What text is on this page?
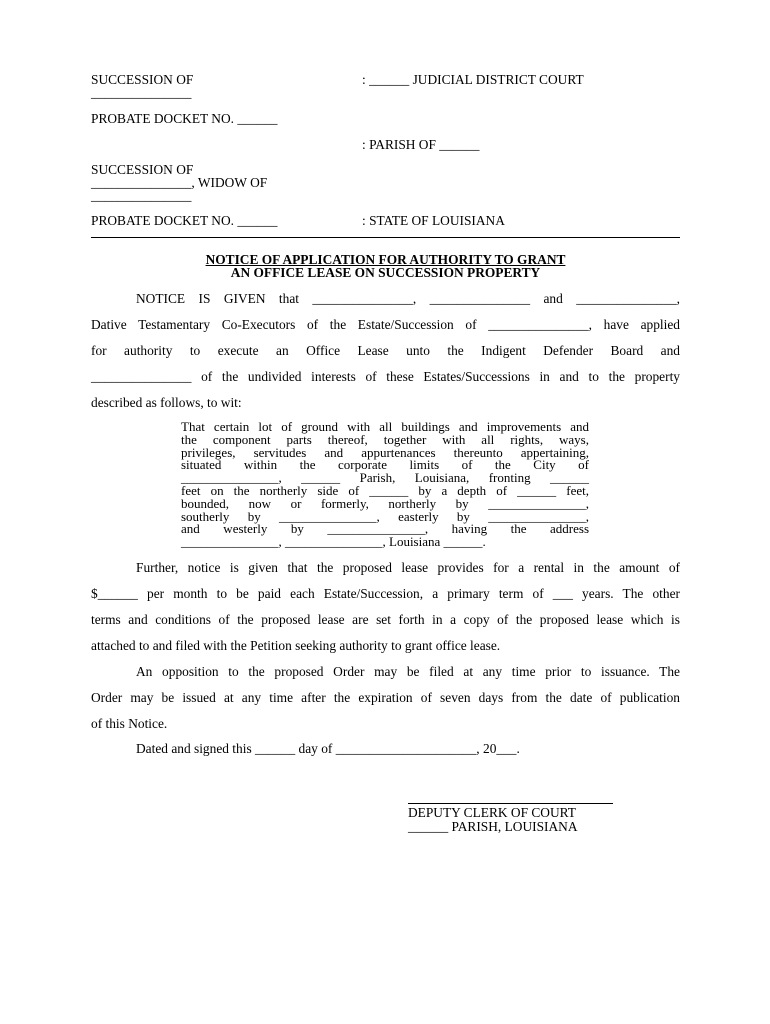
SUCCESSION OF
_______________
PROBATE DOCKET NO. ______
SUCCESSION OF
_______________, WIDOW OF
_______________
PROBATE DOCKET NO. ______
: ______ JUDICIAL DISTRICT COURT
: PARISH OF ______
: STATE OF LOUISIANA
NOTICE OF APPLICATION FOR AUTHORITY TO GRANT
AN OFFICE LEASE ON SUCCESSION PROPERTY
NOTICE IS GIVEN that _______________, _______________ and _______________,
Dative Testamentary Co-Executors of the Estate/Succession of _______________, have applied
for authority to execute an Office Lease unto the Indigent Defender Board and
_______________ of the undivided interests of these Estates/Successions in and to the property
described as follows, to wit:
That certain lot of ground with all buildings and improvements and
the component parts thereof, together with all rights, ways,
privileges, servitudes and appurtenances thereunto appertaining,
situated within the corporate limits of the City of
_______________, ______ Parish, Louisiana, fronting ______
feet on the northerly side of ______ by a depth of ______ feet,
bounded, now or formerly, northerly by _______________,
southerly by _______________, easterly by _______________,
and westerly by _______________, having the address
_______________, _______________, Louisiana ______.
Further, notice is given that the proposed lease provides for a rental in the amount of
$______ per month to be paid each Estate/Succession, a primary term of ___ years. The other
terms and conditions of the proposed lease are set forth in a copy of the proposed lease which is
attached to and filed with the Petition seeking authority to grant office lease.
An opposition to the proposed Order may be filed at any time prior to issuance. The
Order may be issued at any time after the expiration of seven days from the date of publication
of this Notice.
Dated and signed this ______ day of _____________________, 20___.
DEPUTY CLERK OF COURT
______ PARISH, LOUISIANA
